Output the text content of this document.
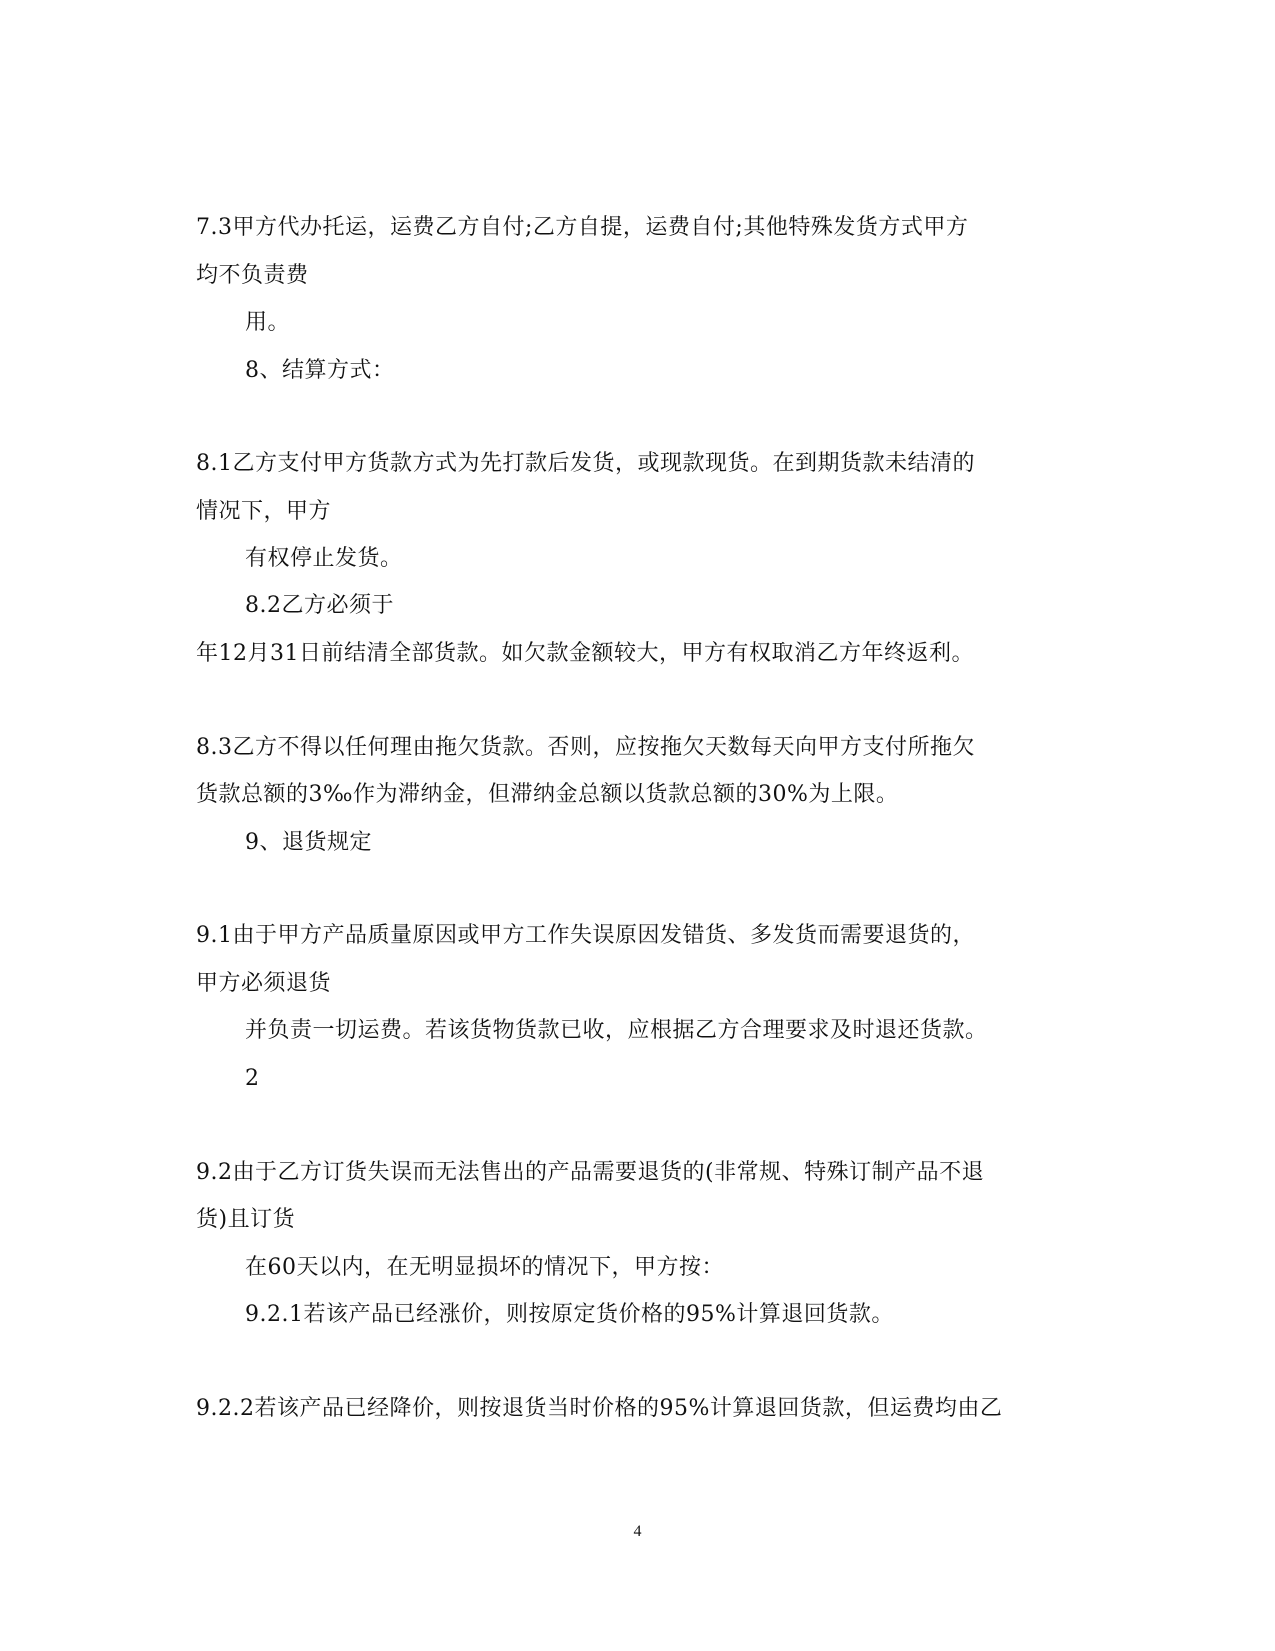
7.3甲方代办托运，运费乙方自付;乙方自提，运费自付;其他特殊发货方式甲方
均不负责费
用。
8、结算方式：
8.1乙方支付甲方货款方式为先打款后发货，或现款现货。在到期货款未结清的
情况下，甲方
有权停止发货。
8.2乙方必须于
年12月31日前结清全部货款。如欠款金额较大，甲方有权取消乙方年终返利。
8.3乙方不得以任何理由拖欠货款。否则，应按拖欠天数每天向甲方支付所拖欠
货款总额的3‰作为滞纳金，但滞纳金总额以货款总额的30%为上限。
9、退货规定
9.1由于甲方产品质量原因或甲方工作失误原因发错货、多发货而需要退货的，
甲方必须退货
并负责一切运费。若该货物货款已收，应根据乙方合理要求及时退还货款。
2
9.2由于乙方订货失误而无法售出的产品需要退货的(非常规、特殊订制产品不退
货)且订货
在60天以内，在无明显损坏的情况下，甲方按：
9.2.1若该产品已经涨价，则按原定货价格的95%计算退回货款。
9.2.2若该产品已经降价，则按退货当时价格的95%计算退回货款，但运费均由乙
4
